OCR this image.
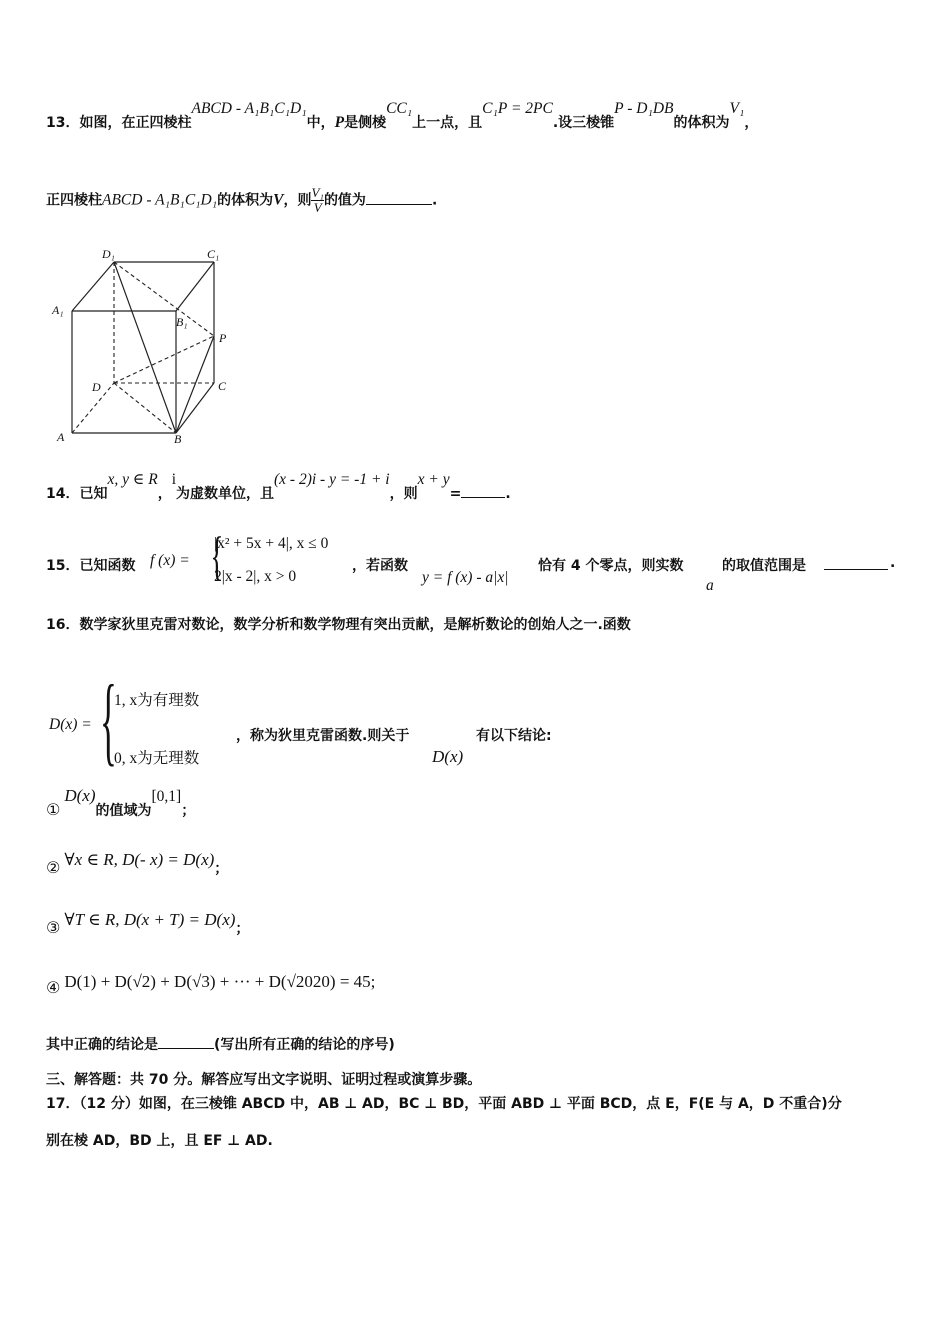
13．如图，在正四棱柱ABCD - A₁B₁C₁D₁中，P是侧棱CC₁上一点，且C₁P = 2PC.设三棱锥P - D₁DB的体积为V₁，
正四棱柱ABCD - A₁B₁C₁D₁的体积为V，则 $\frac{\text{V₁}}{V}$ 的值为	.
D₁	C₁
A₁
B₁
P
D	C
A	B
14．已知x, y ∈ R，i为虚数单位，且(x - 2)i - y = -1 + i，则x + y=	.
15．已知函数 f (x) = {
|x² + 5x + 4|, x ≤ 0
2|x - 2|, x > 0
，若函数
y = f (x) - a|x|
恰有 4 个零点，则实数
a
的取值范围是	.
16．数学家狄里克雷对数论，数学分析和数学物理有突出贡献，是解析数论的创始人之一.函数
D(x) = {
1, x为有理数
0, x为无理数
，称为狄里克雷函数.则关于
D(x)
有以下结论:
①D(x)的值域为[0,1]；
② ∀x ∈ R, D(- x) = D(x)；
③ ∀T ∈ R, D(x + T) = D(x)；
④ D(1) + D(√2) + D(√3) + ··· + D(√2020) = 45;
其中正确的结论是	(写出所有正确的结论的序号)
三、解答题：共 70 分。解答应写出文字说明、证明过程或演算步骤。
17．（12 分）如图，在三棱锥 ABCD 中，AB ⊥ AD，BC ⊥ BD，平面 ABD ⊥ 平面 BCD，点 E，F(E 与 A，D 不重合)分
别在棱 AD，BD 上，且 EF ⊥ AD.
